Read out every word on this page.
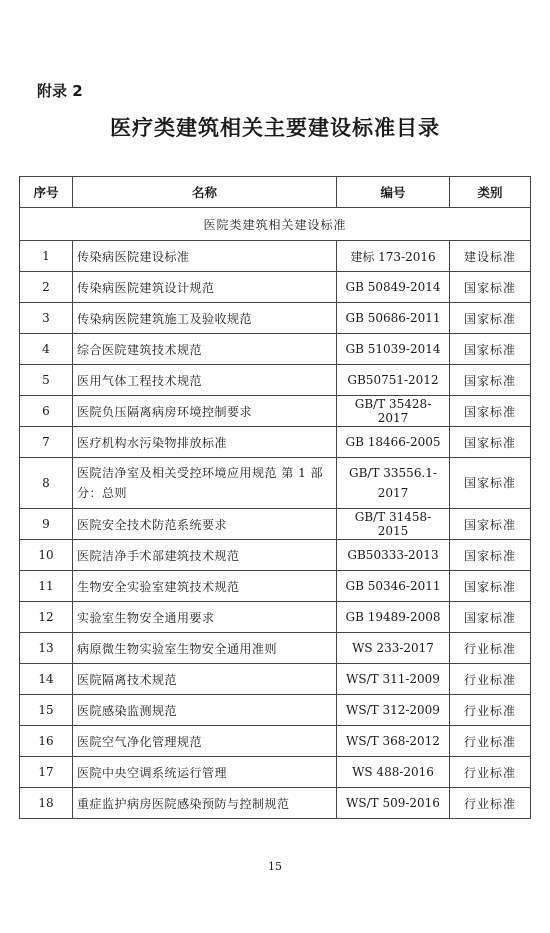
附录 2
医疗类建筑相关主要建设标准目录
序号	名称	编号	类别
医院类建筑相关建设标准			
1	传染病医院建设标准	建标 173-2016	建设标准
2	传染病医院建筑设计规范	GB 50849-2014	国家标准
3	传染病医院建筑施工及验收规范	GB 50686-2011	国家标准
4	综合医院建筑技术规范	GB 51039-2014	国家标准
5	医用气体工程技术规范	GB50751-2012	国家标准
6	医院负压隔离病房环境控制要求	GB/T 35428-2017	国家标准
7	医疗机构水污染物排放标准	GB 18466-2005	国家标准
8	医院洁净室及相关受控环境应用规范 第 1 部分：总则	GB/T 33556.1-2017	国家标准
9	医院安全技术防范系统要求	GB/T 31458-2015	国家标准
10	医院洁净手术部建筑技术规范	GB50333-2013	国家标准
11	生物安全实验室建筑技术规范	GB 50346-2011	国家标准
12	实验室生物安全通用要求	GB 19489-2008	国家标准
13	病原微生物实验室生物安全通用准则	WS 233-2017	行业标准
14	医院隔离技术规范	WS/T 311-2009	行业标准
15	医院感染监测规范	WS/T 312-2009	行业标准
16	医院空气净化管理规范	WS/T 368-2012	行业标准
17	医院中央空调系统运行管理	WS 488-2016	行业标准
18	重症监护病房医院感染预防与控制规范	WS/T 509-2016	行业标准
15
